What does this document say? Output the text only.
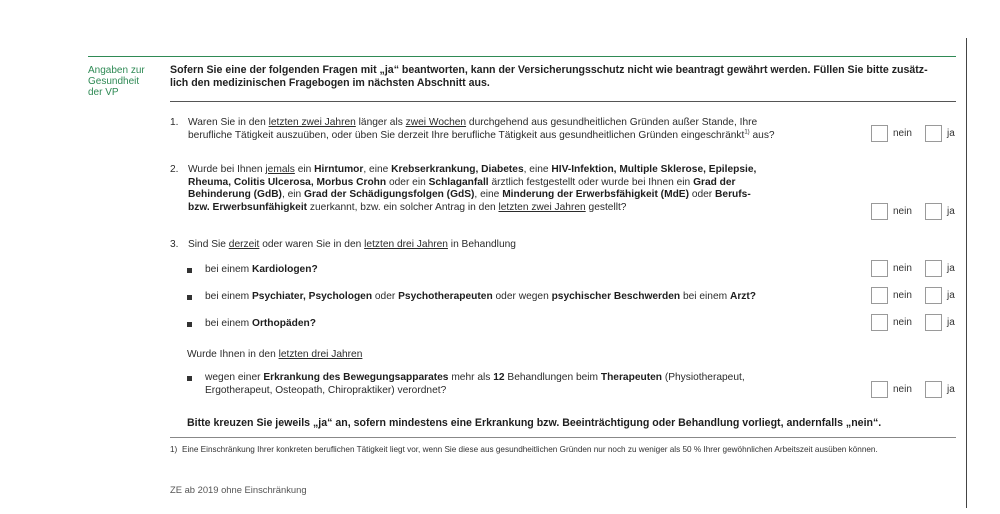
Angaben zur
Gesundheit
der VP
Sofern Sie eine der folgenden Fragen mit „ja“ beantworten, kann der Versicherungsschutz nicht wie beantragt gewährt werden. Füllen Sie bitte zusätz-
lich den medizinischen Fragebogen im nächsten Abschnitt aus.
1. Waren Sie in den letzten zwei Jahren länger als zwei Wochen durchgehend aus gesundheitlichen Gründen außer Stande, Ihre
berufliche Tätigkeit auszuüben, oder üben Sie derzeit Ihre berufliche Tätigkeit aus gesundheitlichen Gründen eingeschränkt$^{1)}$ aus?	nein	ja
2. Wurde bei Ihnen jemals ein Hirntumor, eine Krebserkrankung, Diabetes, eine HIV-Infektion, Multiple Sklerose, Epilepsie,
Rheuma, Colitis Ulcerosa, Morbus Crohn oder ein Schlaganfall ärztlich festgestellt oder wurde bei Ihnen ein Grad der
Behinderung (GdB), ein Grad der Schädigungsfolgen (GdS), eine Minderung der Erwerbsfähigkeit (MdE) oder Berufs-
bzw. Erwerbsunfähigkeit zuerkannt, bzw. ein solcher Antrag in den letzten zwei Jahren gestellt?	nein	ja
3. Sind Sie derzeit oder waren Sie in den letzten drei Jahren in Behandlung
bei einem Kardiologen?	nein	ja
bei einem Psychiater, Psychologen oder Psychotherapeuten oder wegen psychischer Beschwerden bei einem Arzt?	nein	ja
bei einem Orthopäden?	nein	ja
Wurde Ihnen in den letzten drei Jahren
wegen einer Erkrankung des Bewegungsapparates mehr als 12 Behandlungen beim Therapeuten (Physiotherapeut,
Ergotherapeut, Osteopath, Chiropraktiker) verordnet?	nein	ja
Bitte kreuzen Sie jeweils „ja“ an, sofern mindestens eine Erkrankung bzw. Beeinträchtigung oder Behandlung vorliegt, andernfalls „nein“.
1) Eine Einschränkung Ihrer konkreten beruflichen Tätigkeit liegt vor, wenn Sie diese aus gesundheitlichen Gründen nur noch zu weniger als 50 % Ihrer gewöhnlichen Arbeitszeit ausüben können.
ZE ab 2019 ohne Einschränkung
